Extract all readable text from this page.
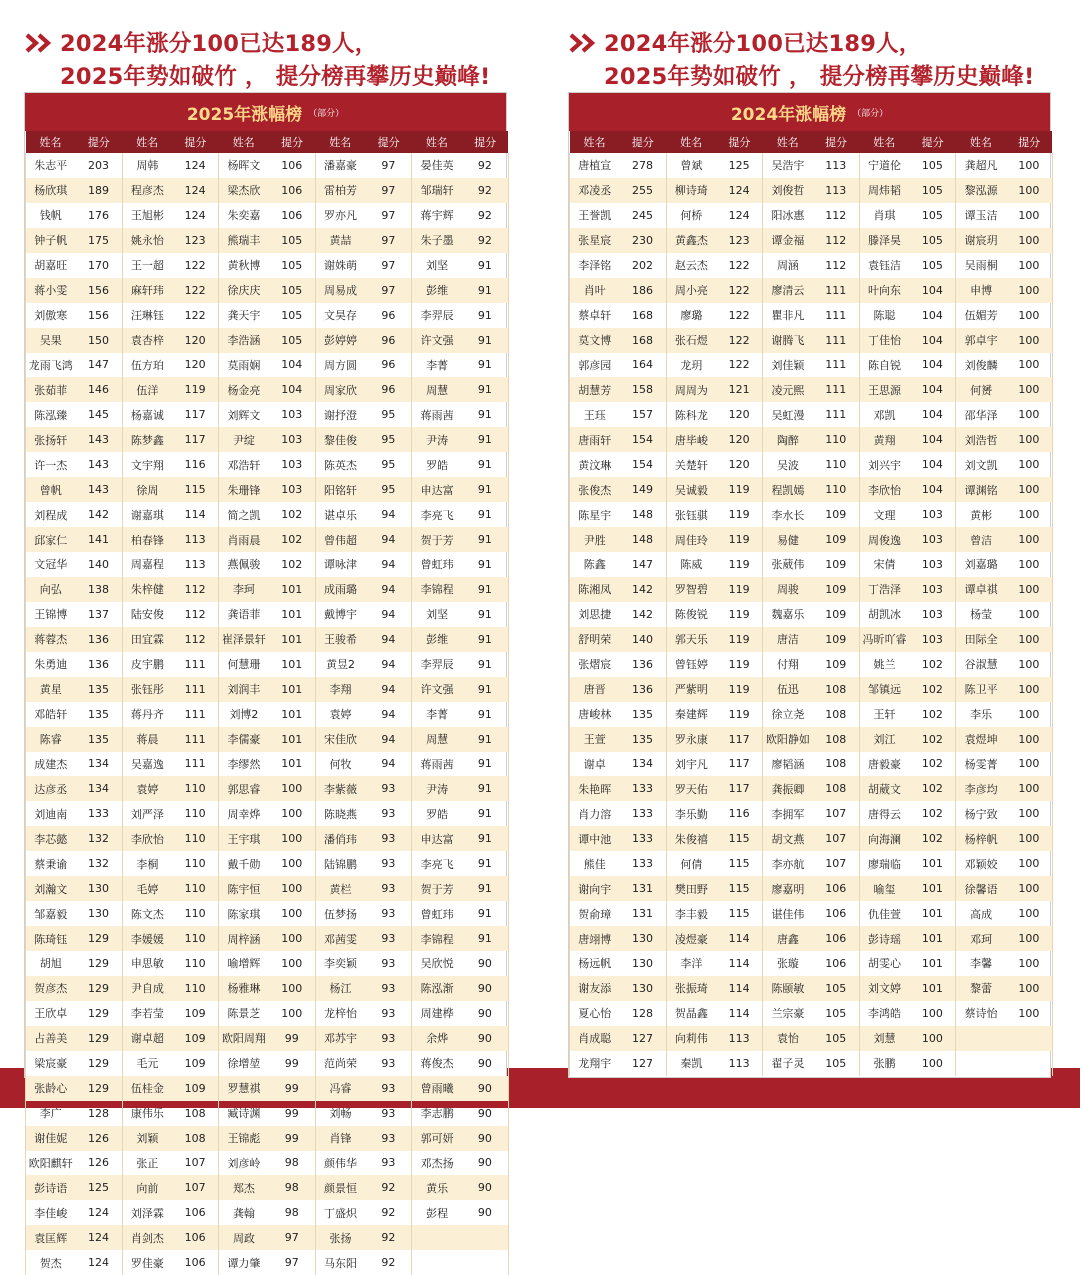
2024年涨分100已达189人，
2025年势如破竹 ， 提分榜再攀历史巅峰!
2025年涨幅榜 （部分）
姓名	提分	姓名	提分	姓名	提分	姓名	提分	姓名	提分
朱志平	203	周韩	124	杨晖文	106	潘嘉豪	97	晏佳英	92
杨欣琪	189	程彦杰	124	梁杰欣	106	雷柏芳	97	邹瑞轩	92
钱帆	176	王旭彬	124	朱奕嘉	106	罗亦凡	97	蒋宇辉	92
钟子帆	175	姚永怡	123	熊瑞丰	105	黄喆	97	朱子墨	92
胡嘉旺	170	王一超	122	黄秋博	105	谢姝萌	97	刘坚	91
蒋小雯	156	麻轩玮	122	徐庆庆	105	周易成	97	彭维	91
刘傲寒	156	汪琳钰	122	龚天宇	105	文昊存	96	李羿辰	91
吴果	150	袁杏梓	120	李浩涵	105	彭婷婷	96	许文强	91
龙雨飞鸿	147	伍方珀	120	莫雨娴	104	周方圆	96	李菁	91
张茹菲	146	伍洋	119	杨金亮	104	周家欣	96	周慧	91
陈泓臻	145	杨嘉诚	117	刘辉文	103	谢抒澄	95	蒋雨茜	91
张扬轩	143	陈梦鑫	117	尹绽	103	黎佳俊	95	尹涛	91
许一杰	143	文宇翔	116	邓浩轩	103	陈英杰	95	罗皓	91
曾帆	143	徐周	115	朱珊锋	103	阳铭轩	95	申达富	91
刘程成	142	谢嘉琪	114	简之凯	102	谌卓乐	94	李亮飞	91
邱家仁	141	柏春锋	113	肖雨晨	102	曾伟超	94	贺于芳	91
文冠华	140	周嘉程	113	燕佩骏	102	谭咏津	94	曾虹玮	91
向弘	138	朱梓健	112	李珂	101	成雨璐	94	李锦程	91
王锦博	137	陆安俊	112	龚语菲	101	戴博宇	94	刘坚	91
蒋蓉杰	136	田宜霖	112	崔泽景轩	101	王骏希	94	彭维	91
朱勇迪	136	皮宇鹏	111	何慧珊	101	黄昱2	94	李羿辰	91
黄星	135	张钰彤	111	刘润丰	101	李翔	94	许文强	91
邓皓轩	135	蒋丹齐	111	刘博2	101	袁婷	94	李菁	91
陈睿	135	蒋晨	111	李儒豪	101	宋佳欣	94	周慧	91
成建杰	134	吴嘉逸	111	李缪然	101	何牧	94	蒋雨茜	91
达彦丞	134	袁婷	110	郭思睿	100	李紫薇	93	尹涛	91
刘迪南	133	刘严泽	110	周幸烨	100	陈晓燕	93	罗皓	91
李芯懿	132	李欣怡	110	王宇琪	100	潘俏玮	93	申达富	91
蔡秉谕	132	李桐	110	戴千勋	100	陆锦鹏	93	李亮飞	91
刘瀚文	130	毛婷	110	陈宇恒	100	黄栏	93	贺于芳	91
邹嘉毅	130	陈文杰	110	陈家琪	100	伍梦扬	93	曾虹玮	91
陈琦钰	129	李媛媛	110	周梓涵	100	邓茜雯	93	李锦程	91
胡旭	129	申思敏	110	喻增辉	100	李奕颖	93	吴欣悦	90
贺彦杰	129	尹自成	110	杨雅琳	100	杨江	93	陈泓渐	90
王欣卓	129	李若莹	109	陈景芝	100	龙梓怡	93	周建桦	90
占善美	129	谢卓超	109	欧阳周翔	99	邓苏宇	93	余烨	90
梁宸豪	129	毛元	109	徐增堃	99	范尚荣	93	蒋俊杰	90
张龄心	129	伍桂金	109	罗慧祺	99	冯睿	93	曾雨曦	90
李广	128	康伟乐	108	臧诗渊	99	刘畅	93	李志鹏	90
谢佳妮	126	刘颖	108	王锦彪	99	肖锋	93	郭可妍	90
欧阳麒轩	126	张正	107	刘彦岭	98	颜伟华	93	邓杰扬	90
彭诗语	125	向前	107	郑杰	98	颜景恒	92	黄乐	90
李佳峻	124	刘泽霖	106	龚翰	98	丁盛炽	92	彭程	90
袁匡辉	124	肖剑杰	106	周政	97	张扬	92		
贺杰	124	罗佳豪	106	谭力肇	97	马东阳	92		
2024年涨分100已达189人，
2025年势如破竹 ， 提分榜再攀历史巅峰!
2024年涨幅榜 （部分）
姓名	提分	姓名	提分	姓名	提分	姓名	提分	姓名	提分
唐植宣	278	曾斌	125	吴浩宇	113	宁道伦	105	龚超凡	100
邓凌丞	255	柳诗琦	124	刘俊哲	113	周炜韬	105	黎泓源	100
王誉凯	245	何桥	124	阳冰惠	112	肖琪	105	谭玉洁	100
张星宸	230	黄鑫杰	123	谭金福	112	滕泽昊	105	谢宸玥	100
李泽铭	202	赵云杰	122	周涵	112	袁钰洁	105	吴雨桐	100
肖叶	186	周小亮	122	廖清云	111	叶向东	104	申博	100
蔡卓轩	168	廖璐	122	瞿非凡	111	陈聪	104	伍媚芳	100
莫文博	168	张石煜	122	谢腾飞	111	丁佳怡	104	郭卓宇	100
郭彦园	164	龙玥	122	刘佳颖	111	陈自锐	104	刘俊麟	100
胡慧芳	158	周周为	121	凌元熙	111	王思源	104	何赟	100
王珏	157	陈科龙	120	吴虹漫	111	邓凯	104	邵华泽	100
唐雨轩	154	唐毕峻	120	陶醉	110	黄翔	104	刘浩哲	100
黄汶琳	154	关楚轩	120	吴波	110	刘兴宇	104	刘文凯	100
张俊杰	149	吴诚毅	119	程凯嫣	110	李欣怡	104	谭渊铭	100
陈星宇	148	张钰骐	119	李水长	109	文理	103	黄彬	100
尹胜	148	周佳玲	119	易健	109	周俊逸	103	曾洁	100
陈鑫	147	陈威	119	张葳伟	109	宋倩	103	刘嘉璐	100
陈湘凤	142	罗智碧	119	周骏	109	丁浩泽	103	谭卓祺	100
刘思捷	142	陈俊锐	119	魏嘉乐	109	胡凯冰	103	杨莹	100
舒明荣	140	郭天乐	119	唐洁	109	冯昕吖睿	103	田际全	100
张熠宸	136	曾钰婷	119	付翔	109	姚兰	102	谷淑慧	100
唐晋	136	严紫明	119	伍迅	108	邹镇远	102	陈卫平	100
唐峻林	135	秦建辉	119	徐立尧	108	王轩	102	李乐	100
王萱	135	罗永康	117	欧阳静如	108	刘江	102	袁煜坤	100
谢卓	134	刘宇凡	117	廖韬涵	108	唐毅豪	102	杨雯菁	100
朱艳晖	133	罗天佑	117	龚振卿	108	胡葳文	102	李彦均	100
肖力溶	133	李乐勤	116	李拥军	107	唐得云	102	杨宁致	100
谭中池	133	朱俊禧	115	胡文燕	107	向海澜	102	杨梓帆	100
熊佳	133	何倩	115	李亦航	107	廖瑞临	101	邓颖姣	100
谢向宇	131	樊田野	115	廖嘉明	106	喻玺	101	徐馨语	100
贺俞璋	131	李丰毅	115	谌佳伟	106	仇佳萱	101	高成	100
唐翊博	130	凌煜豪	114	唐鑫	106	彭诗瑶	101	邓珂	100
杨远帆	130	李洋	114	张璇	106	胡雯心	101	李馨	100
谢友添	130	张振琦	114	陈颐敏	105	刘文婷	101	黎蕾	100
夏心怡	128	贺晶鑫	114	兰宗豪	105	李鸿皓	100	蔡诗怡	100
肖成聪	127	向莉伟	113	袁怡	105	刘慧	100		
龙翔宇	127	秦凯	113	翟子灵	105	张鹏	100		
